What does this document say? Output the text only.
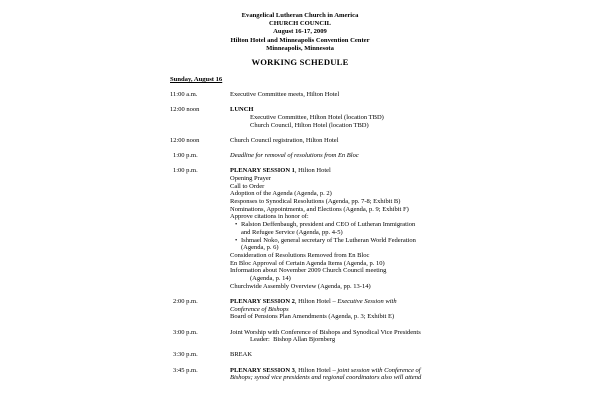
Evangelical Lutheran Church in America
CHURCH COUNCIL
August 16-17, 2009
Hilton Hotel and Minneapolis Convention Center
Minneapolis, Minnesota
WORKING SCHEDULE
Sunday, August 16
11:00 a.m.	Executive Committee meets, Hilton Hotel
12:00 noon	LUNCH
Executive Committee, Hilton Hotel (location TBD)
Church Council, Hilton Hotel (location TBD)
12:00 noon	Church Council registration, Hilton Hotel
1:00 p.m.	Deadline for removal of resolutions from En Bloc
1:00 p.m.	PLENARY SESSION 1, Hilton Hotel
Opening Prayer
Call to Order
Adoption of the Agenda (Agenda, p. 2)
Responses to Synodical Resolutions (Agenda, pp. 7-8; Exhibit B)
Nominations, Appointments, and Elections (Agenda, p. 9; Exhibit F)
Approve citations in honor of:
• Ralston Deffenbaugh, president and CEO of Lutheran Immigration
and Refugee Service (Agenda, pp. 4-5)
• Ishmael Noko, general secretary of The Lutheran World Federation
(Agenda, p. 6)
Consideration of Resolutions Removed from En Bloc
En Bloc Approval of Certain Agenda Items (Agenda, p. 10)
Information about November 2009 Church Council meeting
(Agenda, p. 14)
Churchwide Assembly Overview (Agenda, pp. 13-14)
2:00 p.m.	PLENARY SESSION 2, Hilton Hotel – Executive Session with
Conference of Bishops
Board of Pensions Plan Amendments (Agenda, p. 3; Exhibit E)
3:00 p.m.	Joint Worship with Conference of Bishops and Synodical Vice Presidents
Leader:  Bishop Allan Bjornberg
3:30 p.m.	BREAK
3:45 p.m.	PLENARY SESSION 3, Hilton Hotel – joint session with Conference of
Bishops; synod vice presidents and regional coordinators also will attend
